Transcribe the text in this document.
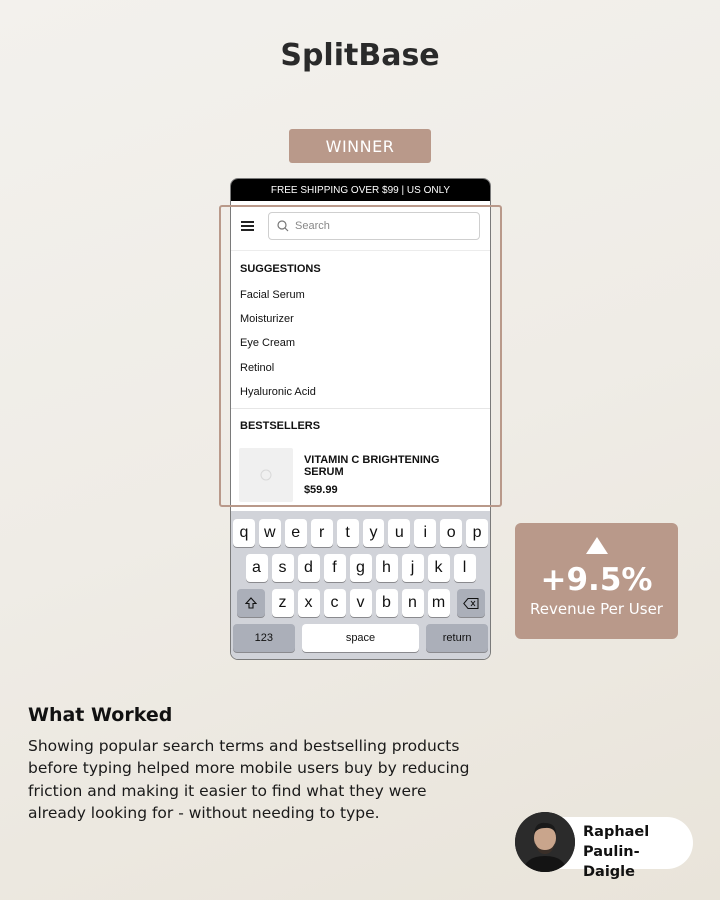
SplitBase
WINNER
FREE SHIPPING OVER $99 | US ONLY
Search
SUGGESTIONS
Facial Serum
Moisturizer
Eye Cream
Retinol
Hyaluronic Acid
BESTSELLERS
VITAMIN C BRIGHTENING SERUM
$59.99
q w e	r	t	y	u	i	o	p
a	s	d	f	g	h	j	k	l
z	x	c	v	b	n m
123	space	return
+9.5%
Revenue Per User
What Worked
Showing popular search terms and bestselling products before typing helped more mobile users buy by reducing friction and making it easier to find what they were already looking for - without needing to type.
Raphael
Paulin-Daigle
